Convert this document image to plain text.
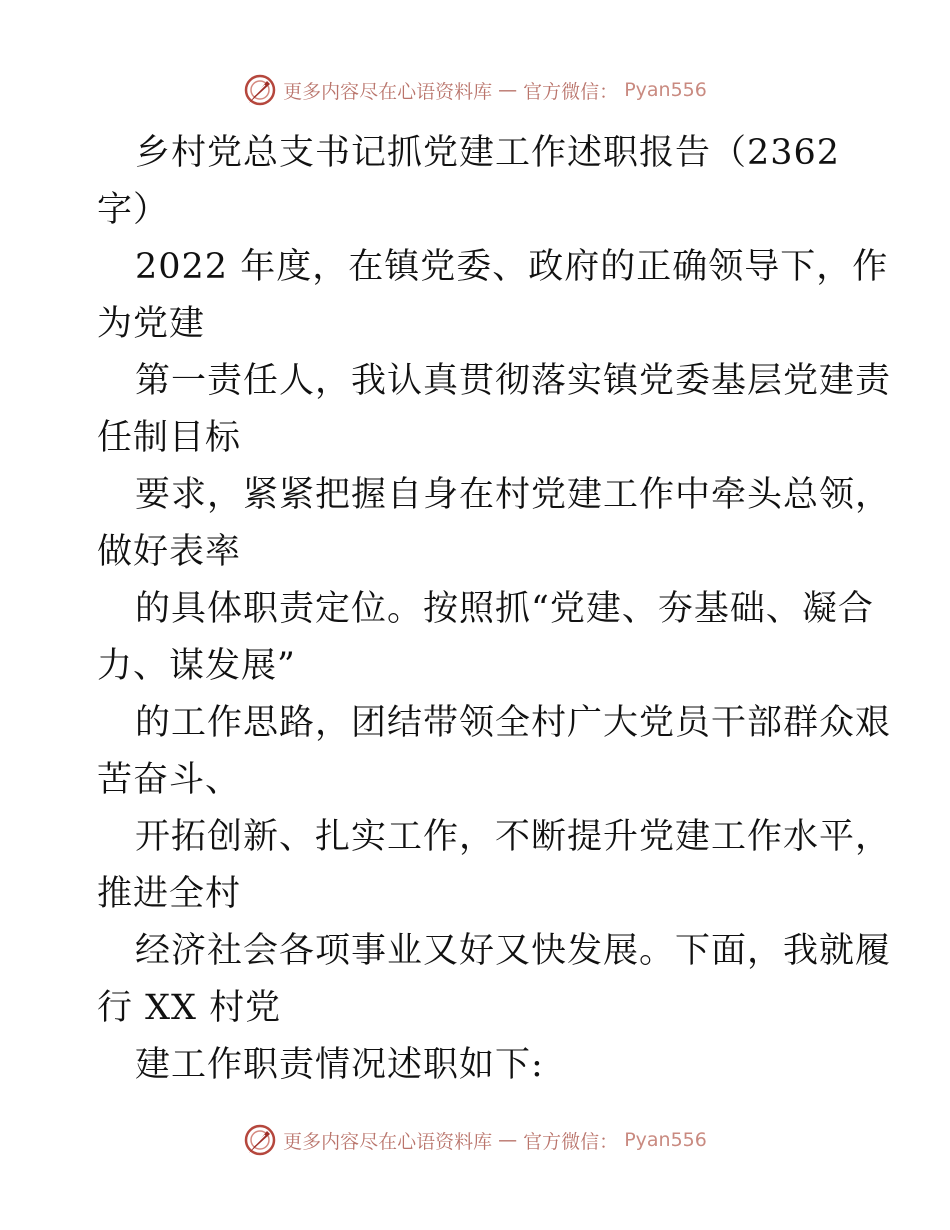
更多内容尽在心语资料库 — 官方微信： Pyan556
乡村党总支书记抓党建工作述职报告（2362
字）
2022 年度，在镇党委、政府的正确领导下，作
为党建
第一责任人，我认真贯彻落实镇党委基层党建责
任制目标
要求，紧紧把握自身在村党建工作中牵头总领，
做好表率
的具体职责定位。按照抓“党建、夯基础、凝合
力、谋发展”
的工作思路，团结带领全村广大党员干部群众艰
苦奋斗、
开拓创新、扎实工作，不断提升党建工作水平，
推进全村
经济社会各项事业又好又快发展。下面，我就履
行 XX 村党
建工作职责情况述职如下:
更多内容尽在心语资料库 — 官方微信： Pyan556
